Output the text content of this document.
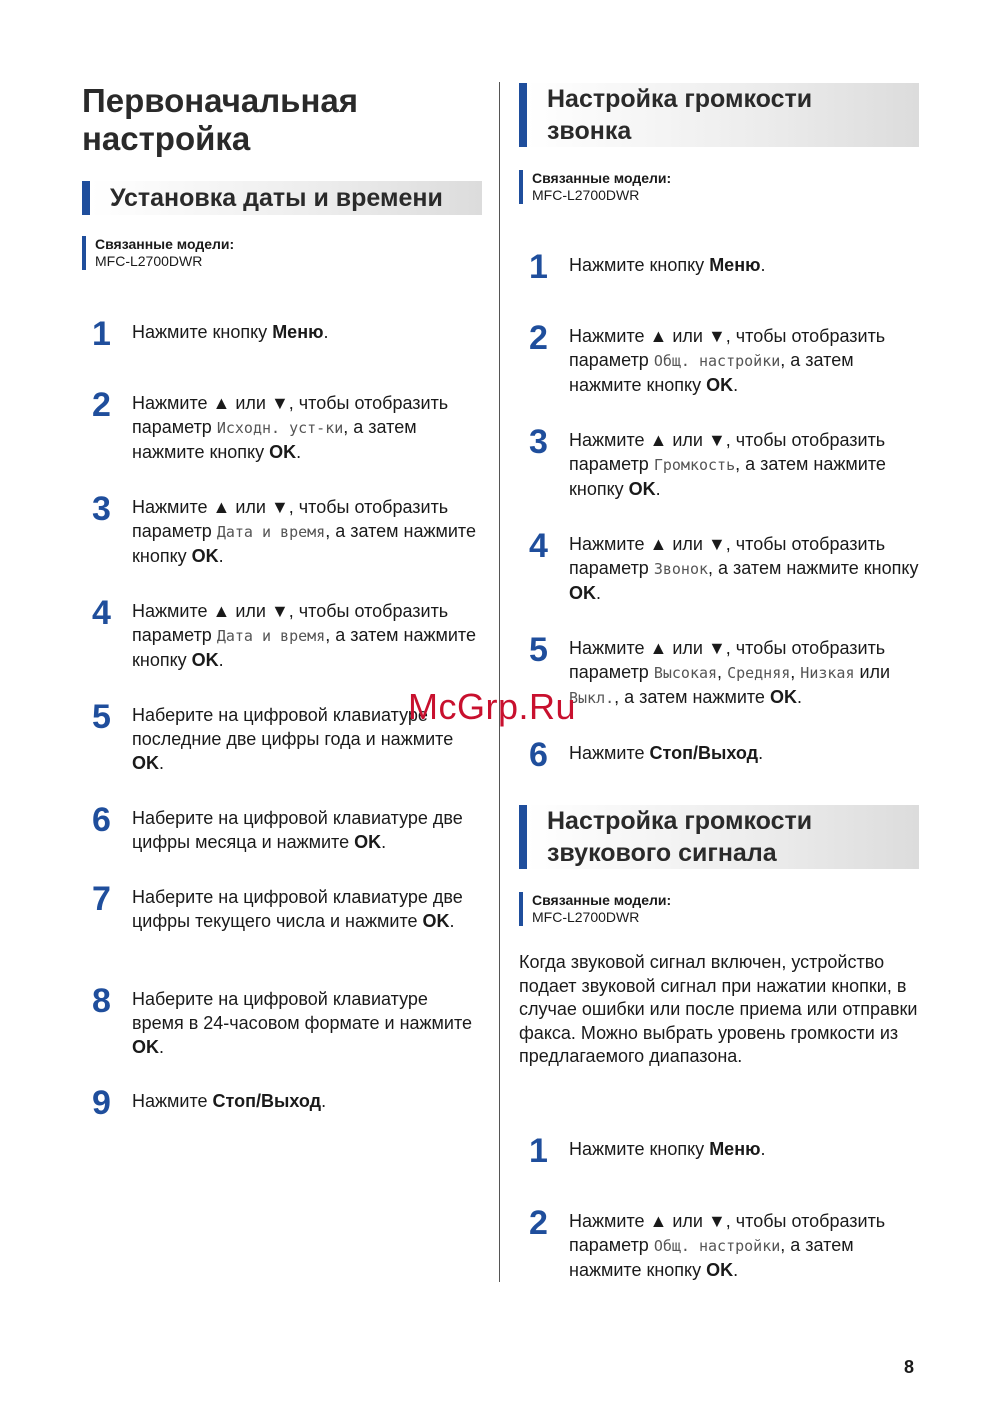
Первоначальная
настройка
Установка даты и времени
Связанные модели:
MFC-L2700DWR
1 Нажмите кнопку Меню.
2 Нажмите ▲ или ▼, чтобы отобразить параметр Исходн. уст-ки, а затем нажмите кнопку OK.
3 Нажмите ▲ или ▼, чтобы отобразить параметр Дата и время, а затем нажмите кнопку OK.
4 Нажмите ▲ или ▼, чтобы отобразить параметр Дата и время, а затем нажмите кнопку OK.
5 Наберите на цифровой клавиатуре последние две цифры года и нажмите OK.
6 Наберите на цифровой клавиатуре две цифры месяца и нажмите OK.
7 Наберите на цифровой клавиатуре две цифры текущего числа и нажмите OK.
8 Наберите на цифровой клавиатуре время в 24-часовом формате и нажмите OK.
9 Нажмите Стоп/Выход.
Настройка громкости
звонка
Связанные модели:
MFC-L2700DWR
1 Нажмите кнопку Меню.
2 Нажмите ▲ или ▼, чтобы отобразить параметр Общ. настройки, а затем нажмите кнопку OK.
3 Нажмите ▲ или ▼, чтобы отобразить параметр Громкость, а затем нажмите кнопку OK.
4 Нажмите ▲ или ▼, чтобы отобразить параметр Звонок, а затем нажмите кнопку OK.
5 Нажмите ▲ или ▼, чтобы отобразить параметр Высокая, Средняя, Низкая или Выкл., а затем нажмите OK.
6 Нажмите Стоп/Выход.
Настройка громкости
звукового сигнала
Связанные модели:
MFC-L2700DWR
Когда звуковой сигнал включен, устройство подает звуковой сигнал при нажатии кнопки, в случае ошибки или после приема или отправки факса. Можно выбрать уровень громкости из предлагаемого диапазона.
1 Нажмите кнопку Меню.
2 Нажмите ▲ или ▼, чтобы отобразить параметр Общ. настройки, а затем нажмите кнопку OK.
McGrp.Ru
8
